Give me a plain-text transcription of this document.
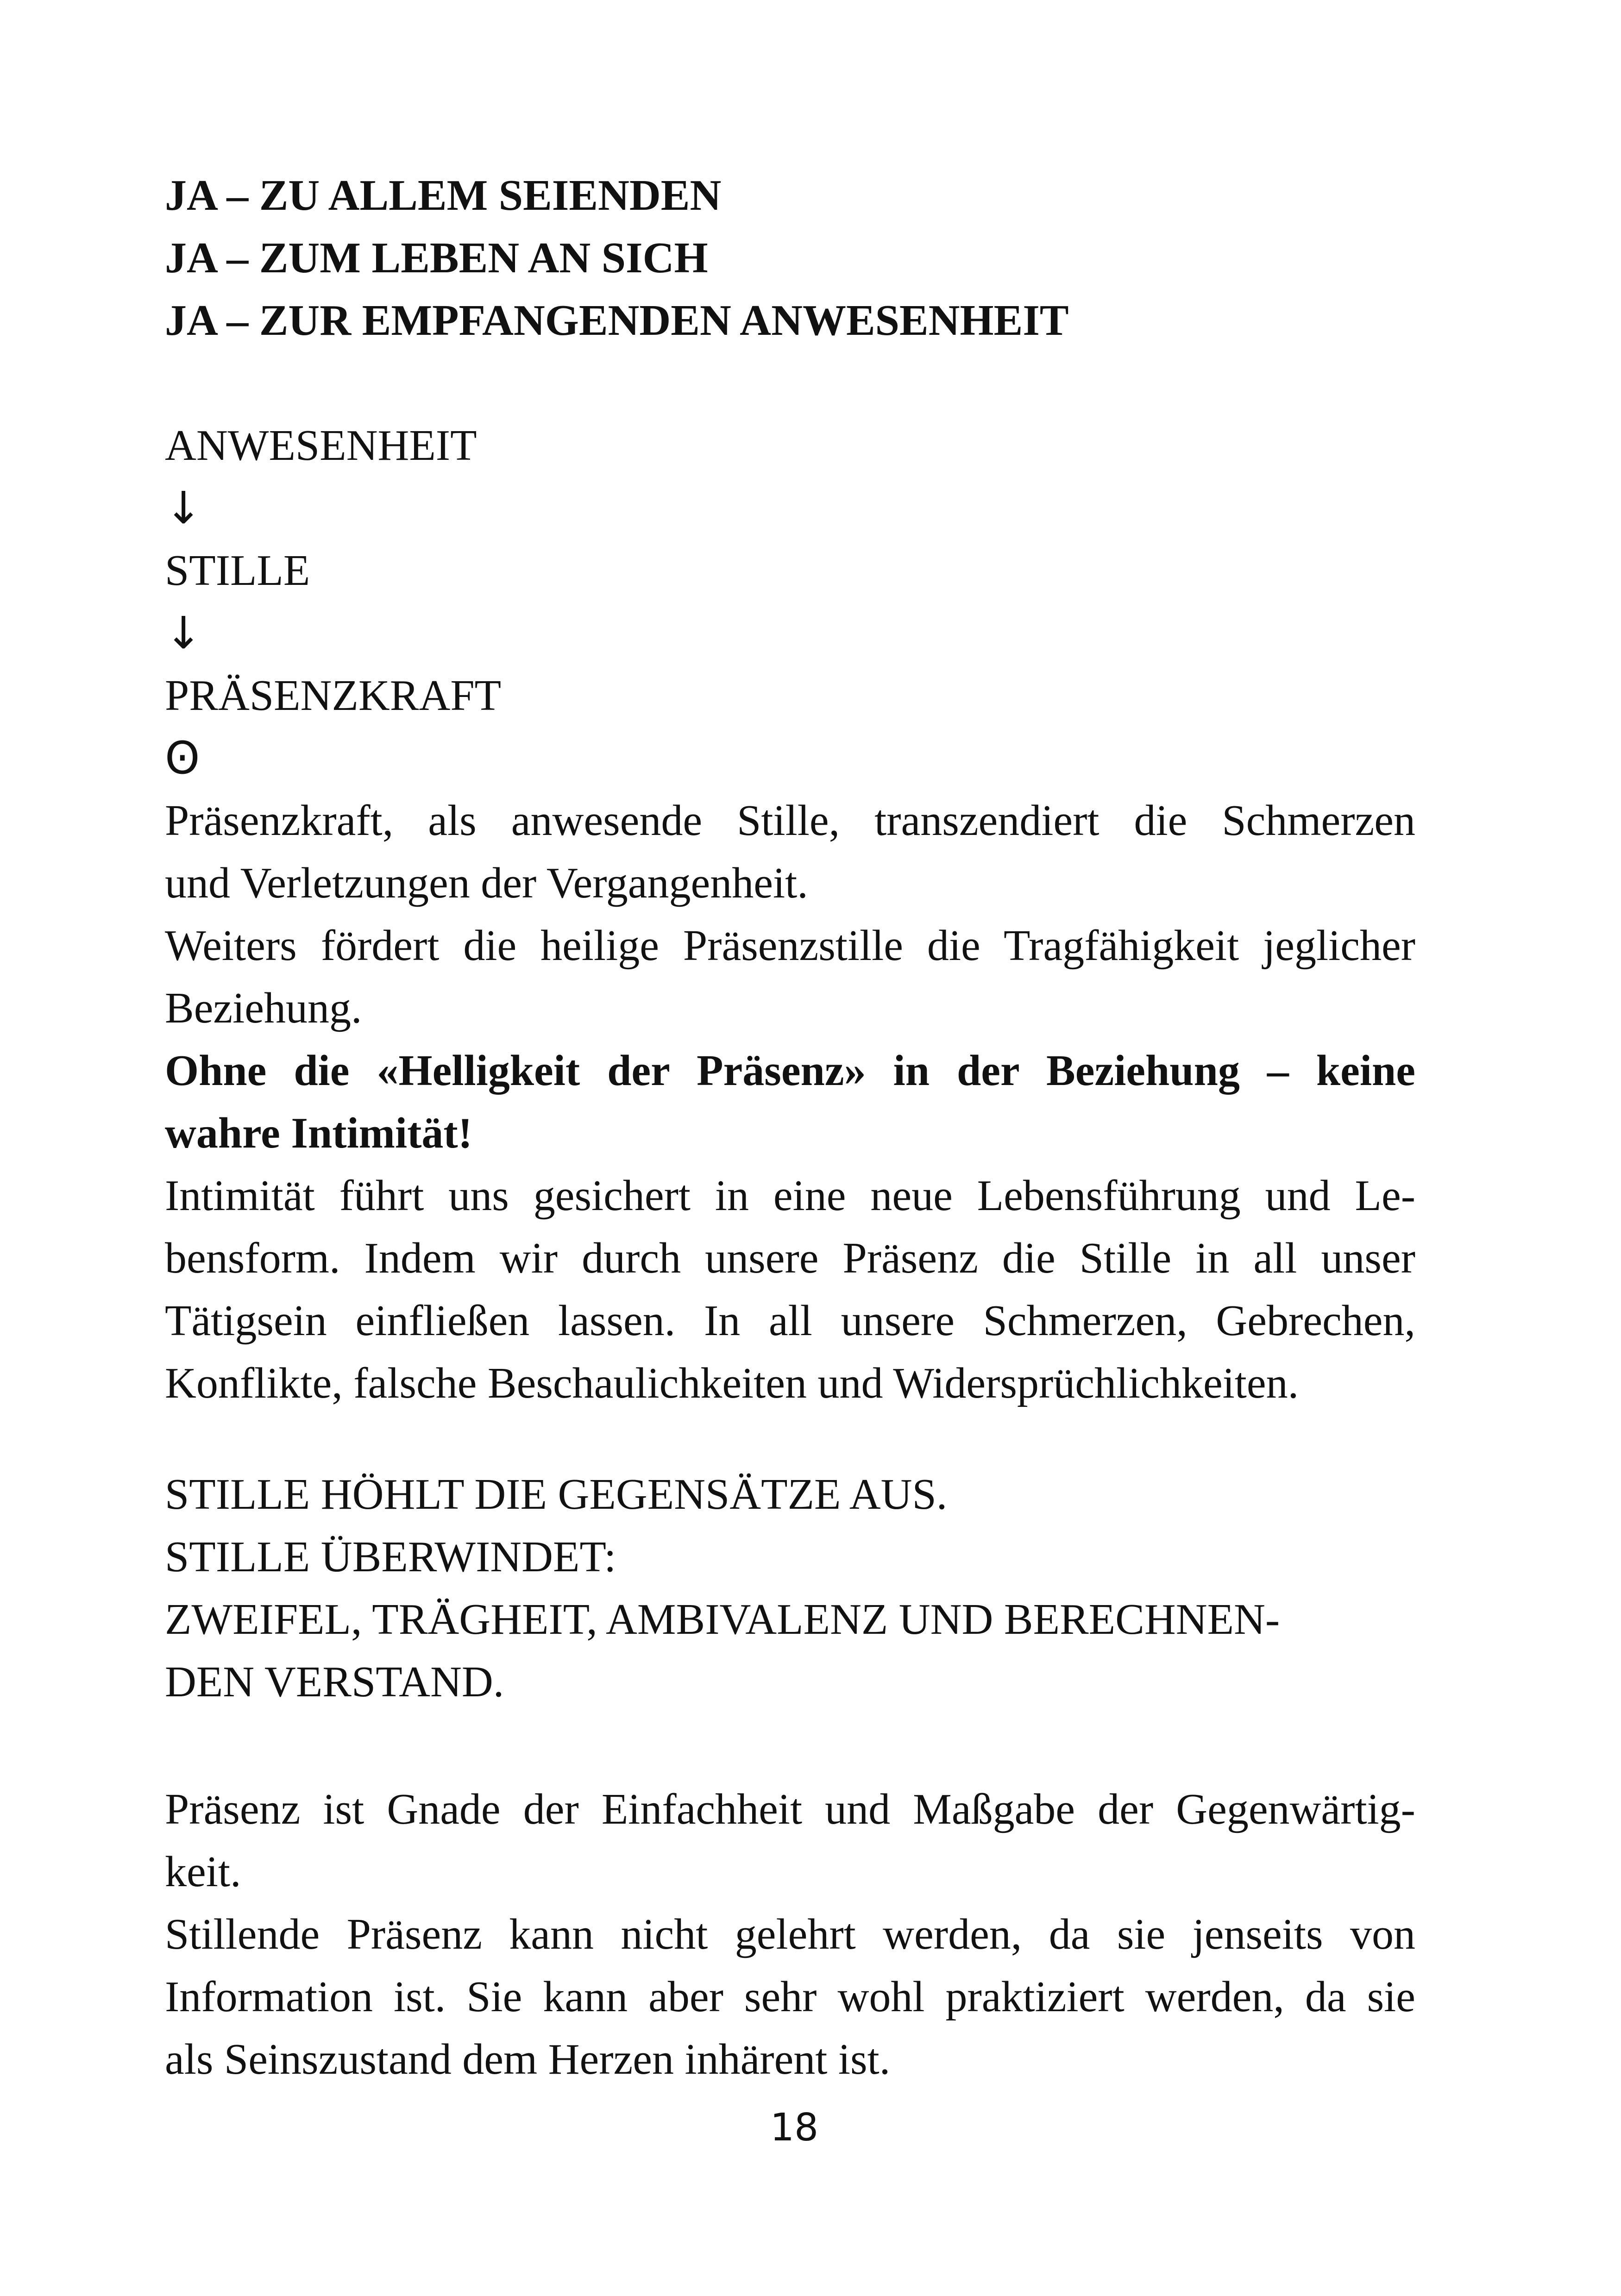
JA – ZU ALLEM SEIENDEN
JA – ZUM LEBEN AN SICH
JA – ZUR EMPFANGENDEN ANWESENHEIT
ANWESENHEIT
↓
STILLE
↓
PRÄSENZKRAFT
Ꙩ
Präsenzkraft, als anwesende Stille, transzendiert die Schmerzen
und Verletzungen der Vergangenheit.
Weiters fördert die heilige Präsenzstille die Tragfähigkeit jeglicher
Beziehung.
Ohne die «Helligkeit der Präsenz» in der Beziehung – keine
wahre Intimität!
Intimität führt uns gesichert in eine neue Lebensführung und Le-
bensform. Indem wir durch unsere Präsenz die Stille in all unser
Tätigsein einfließen lassen. In all unsere Schmerzen, Gebrechen,
Konflikte, falsche Beschaulichkeiten und Widersprüchlichkeiten.
STILLE HÖHLT DIE GEGENSÄTZE AUS.
STILLE ÜBERWINDET:
ZWEIFEL, TRÄGHEIT, AMBIVALENZ UND BERECHNEN-
DEN VERSTAND.
Präsenz ist Gnade der Einfachheit und Maßgabe der Gegenwärtig-
keit.
Stillende Präsenz kann nicht gelehrt werden, da sie jenseits von
Information ist. Sie kann aber sehr wohl praktiziert werden, da sie
als Seinszustand dem Herzen inhärent ist.
18
